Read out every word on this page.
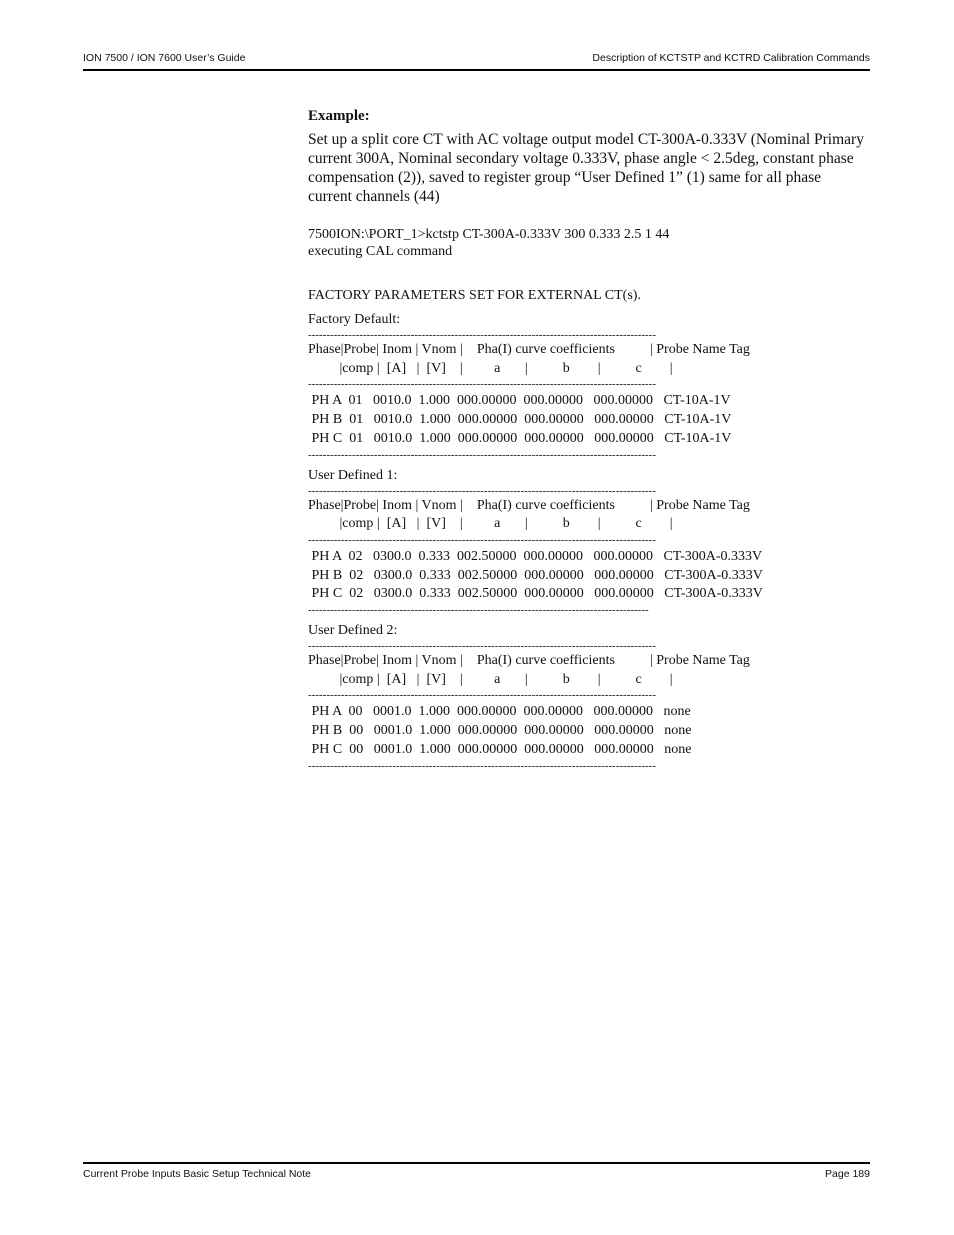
ION 7500 / ION 7600 User’s Guide	Description of KCTSTP and KCTRD Calibration Commands
Example:
Set up a split core CT with AC voltage output model CT-300A-0.333V (Nominal Primary current 300A, Nominal secondary voltage 0.333V, phase angle < 2.5deg, constant phase compensation (2)), saved to register group “User Defined 1” (1) same for all phase current channels (44)
7500ION:\PORT_1>kctstp CT-300A-0.333V 300 0.333 2.5 1 44
executing CAL command
FACTORY PARAMETERS SET FOR EXTERNAL CT(s).
Factory Default:
-----------------------------------------------------------------------------------------------
Phase|Probe| Inom | Vnom |    Pha(I) curve coefficients          | Probe Name Tag
|comp |  [A]   |  [V]    |         a       |          b        |          c        |
-----------------------------------------------------------------------------------------------
PH A  01   0010.0  1.000  000.00000  000.00000   000.00000   CT-10A-1V
PH B  01   0010.0  1.000  000.00000  000.00000   000.00000   CT-10A-1V
PH C  01   0010.0  1.000  000.00000  000.00000   000.00000   CT-10A-1V
-----------------------------------------------------------------------------------------------
User Defined 1:
-----------------------------------------------------------------------------------------------
Phase|Probe| Inom | Vnom |    Pha(I) curve coefficients          | Probe Name Tag
|comp |  [A]   |  [V]    |         a       |          b        |          c        |
-----------------------------------------------------------------------------------------------
PH A  02   0300.0  0.333  002.50000  000.00000   000.00000   CT-300A-0.333V
PH B  02   0300.0  0.333  002.50000  000.00000   000.00000   CT-300A-0.333V
PH C  02   0300.0  0.333  002.50000  000.00000   000.00000   CT-300A-0.333V
---------------------------------------------------------------------------------------------
User Defined 2:
-----------------------------------------------------------------------------------------------
Phase|Probe| Inom | Vnom |    Pha(I) curve coefficients          | Probe Name Tag
|comp |  [A]   |  [V]    |         a       |          b        |          c        |
-----------------------------------------------------------------------------------------------
PH A  00   0001.0  1.000  000.00000  000.00000   000.00000   none
PH B  00   0001.0  1.000  000.00000  000.00000   000.00000   none
PH C  00   0001.0  1.000  000.00000  000.00000   000.00000   none
-----------------------------------------------------------------------------------------------
Current Probe Inputs Basic Setup Technical Note	Page 189
